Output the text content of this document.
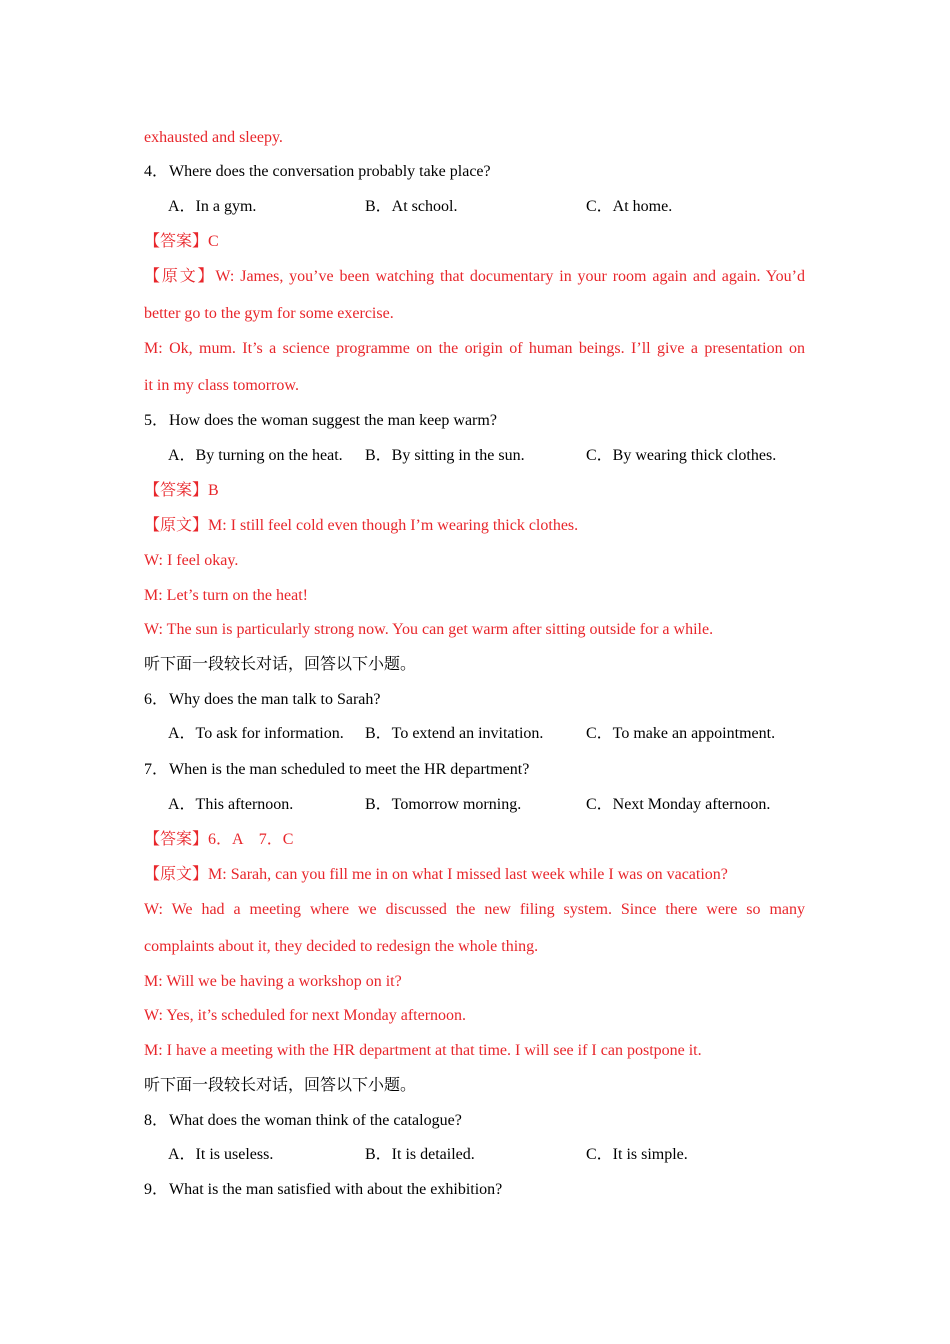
exhausted and sleepy.
4．Where does the conversation probably take place?
A．In a gym.	B．At school.	C．At home.
【答案】C
【原文】W: James, you’ve been watching that documentary in your room again and again. You’d
better go to the gym for some exercise.
M: Ok, mum. It’s a science programme on the origin of human beings. I’ll give a presentation on
it in my class tomorrow.
5．How does the woman suggest the man keep warm?
A．By turning on the heat. B．By sitting in the sun.	C．By wearing thick clothes.
【答案】B
【原文】M: I still feel cold even though I’m wearing thick clothes.
W: I feel okay.
M: Let’s turn on the heat!
W: The sun is particularly strong now. You can get warm after sitting outside for a while.
听下面一段较长对话，回答以下小题。
6．Why does the man talk to Sarah?
A．To ask for information. B．To extend an invitation.	C．To make an appointment.
7．When is the man scheduled to meet the HR department?
A．This afternoon.	B．Tomorrow morning.	C．Next Monday afternoon.
【答案】6．A　7．C
【原文】M: Sarah, can you fill me in on what I missed last week while I was on vacation?
W: We had a meeting where we discussed the new filing system. Since there were so many
complaints about it, they decided to redesign the whole thing.
M: Will we be having a workshop on it?
W: Yes, it’s scheduled for next Monday afternoon.
M: I have a meeting with the HR department at that time. I will see if I can postpone it.
听下面一段较长对话，回答以下小题。
8．What does the woman think of the catalogue?
A．It is useless.	B．It is detailed.	C．It is simple.
9．What is the man satisfied with about the exhibition?
